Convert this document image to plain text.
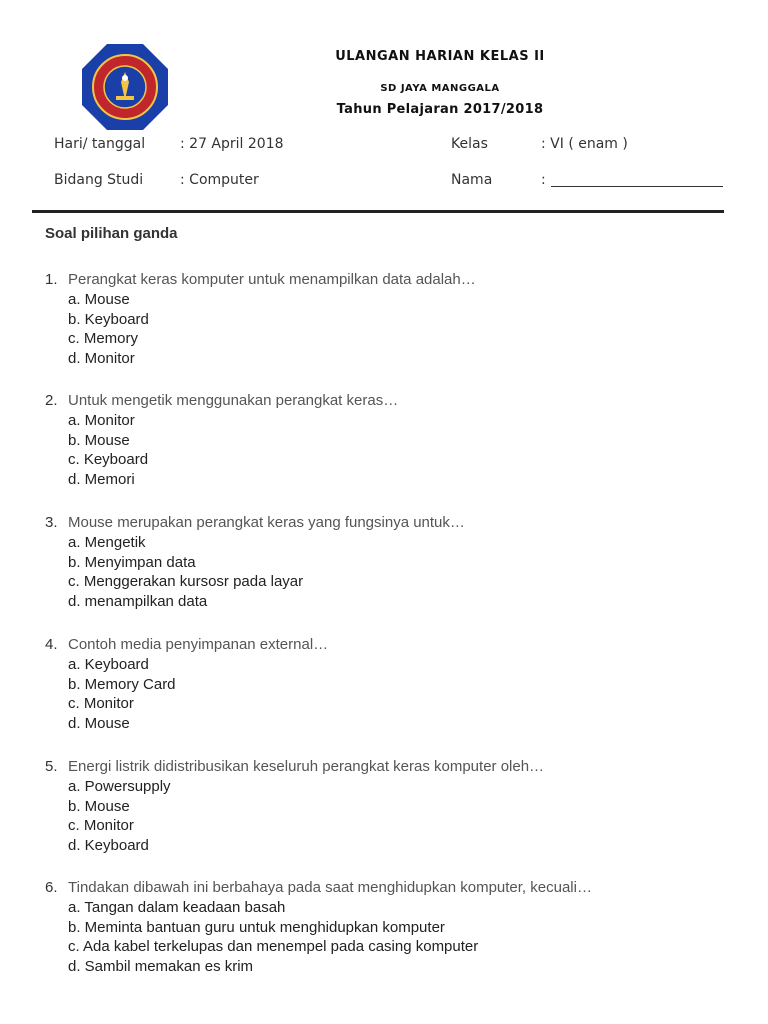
ULANGAN HARIAN KELAS II
SD JAYA MANGGALA
Tahun Pelajaran 2017/2018
Hari/ tanggal : 27 April 2018	Kelas	: VI ( enam )
Bidang Studi	: Computer	Nama	:
Soal pilihan ganda
1. Perangkat keras komputer untuk menampilkan data adalah…
a. Mouse
b. Keyboard
c. Memory
d. Monitor
2. Untuk mengetik menggunakan perangkat keras…
a. Monitor
b. Mouse
c. Keyboard
d. Memori
3. Mouse merupakan perangkat keras yang fungsinya untuk…
a. Mengetik
b. Menyimpan data
c. Menggerakan kursosr pada layar
d. menampilkan data
4. Contoh media penyimpanan external…
a. Keyboard
b. Memory Card
c. Monitor
d. Mouse
5. Energi listrik didistribusikan keseluruh perangkat keras komputer oleh…
a. Powersupply
b. Mouse
c. Monitor
d. Keyboard
6. Tindakan dibawah ini berbahaya pada saat menghidupkan komputer, kecuali…
a. Tangan dalam keadaan basah
b. Meminta bantuan guru untuk menghidupkan komputer
c. Ada kabel terkelupas dan menempel pada casing komputer
d. Sambil memakan es krim
